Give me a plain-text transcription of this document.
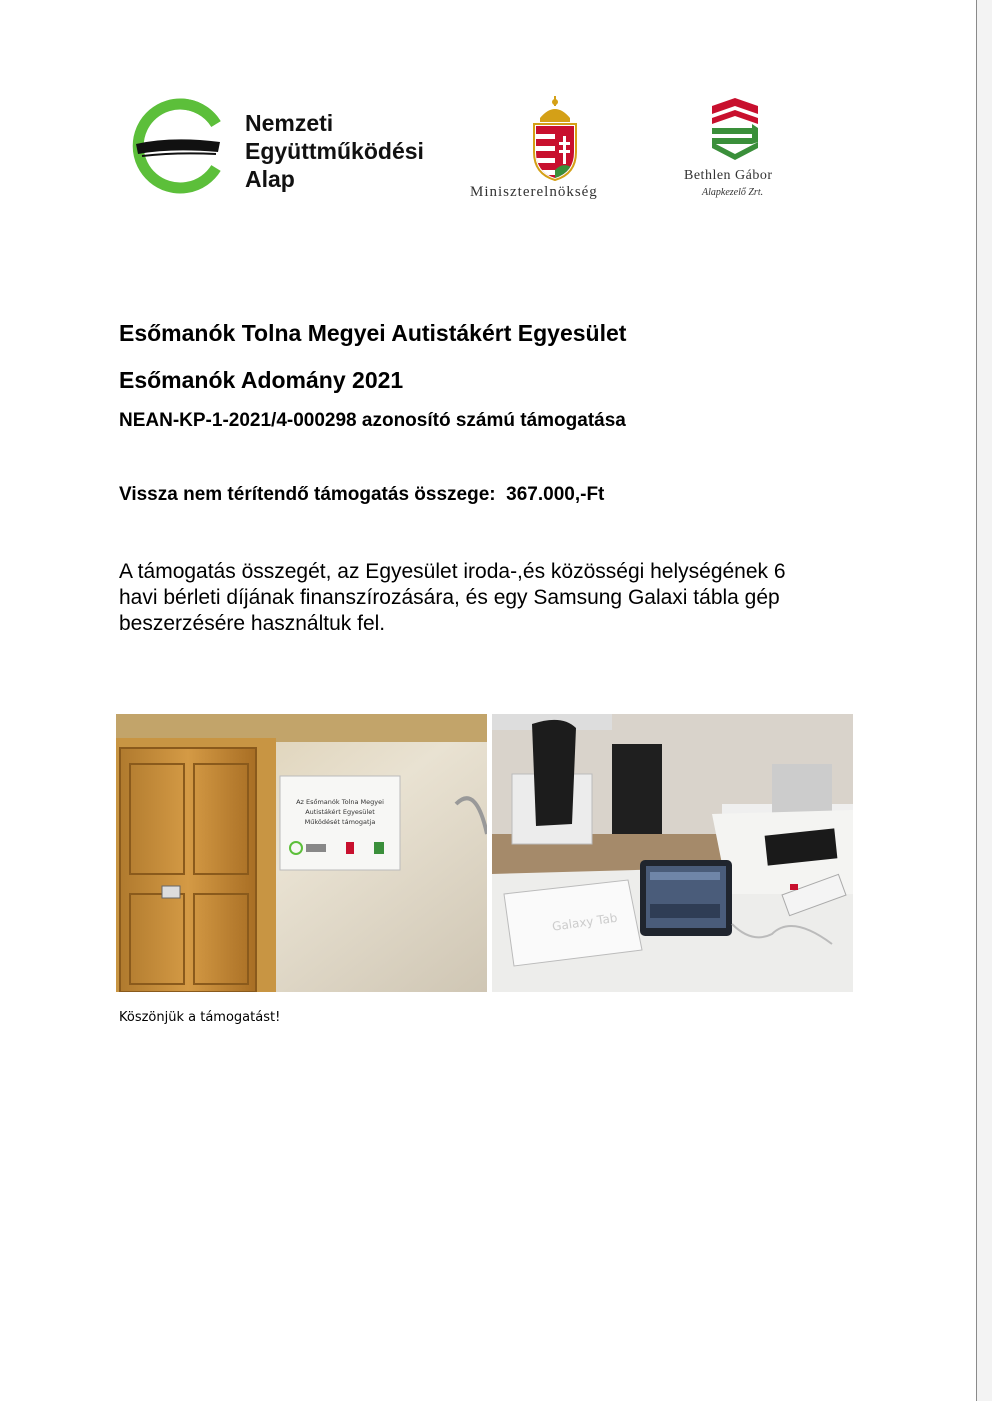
Nemzeti
Együttműködési
Alap	Miniszterelnökség
Bethlen Gábor
Alapkezelő Zrt.
Esőmanók Tolna Megyei Autistákért Egyesület
Esőmanók Adomány 2021
NEAN-KP-1-2021/4-000298 azonosító számú támogatása
Vissza nem térítendő támogatás összege:  367.000,-Ft
A támogatás összegét, az Egyesület iroda-,és közösségi helységének 6
havi bérleti díjának finanszírozására, és egy Samsung Galaxi tábla gép
beszerzésére használtuk fel.
Az Esőmanók Tolna Megyei
Autistákért Egyesület
Működését támogatja
Galaxy Tab
Köszönjük a támogatást!
